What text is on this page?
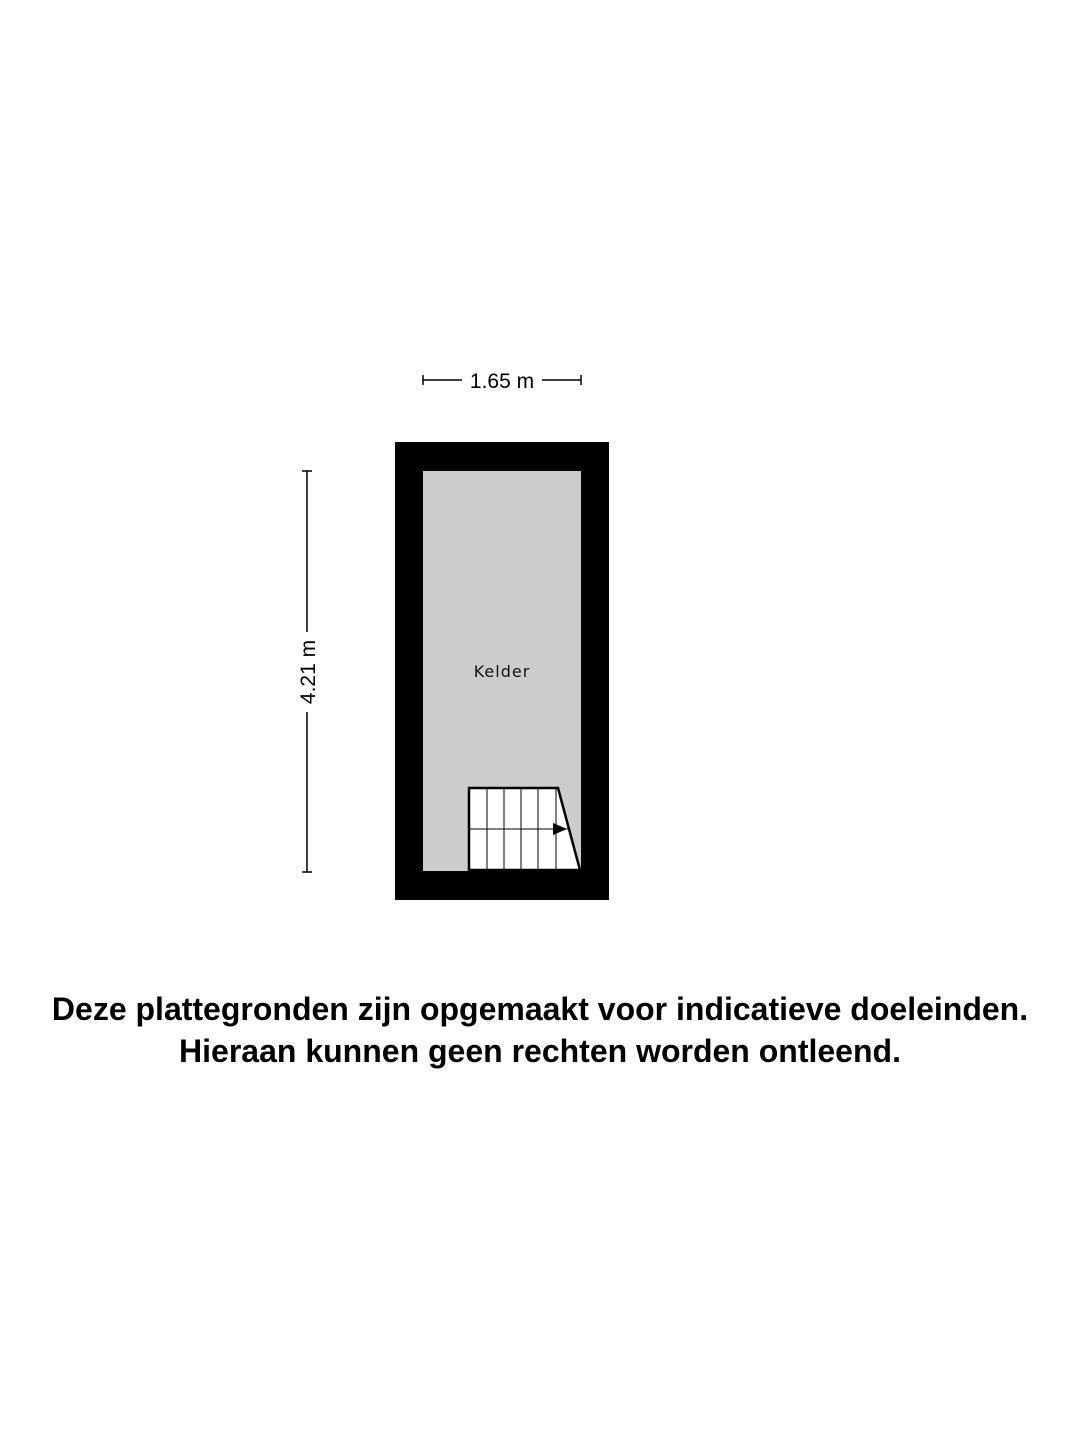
1.65 m
4.21 m	Kelder
Deze plattegronden zijn opgemaakt voor indicatieve doeleinden.
Hieraan kunnen geen rechten worden ontleend.
